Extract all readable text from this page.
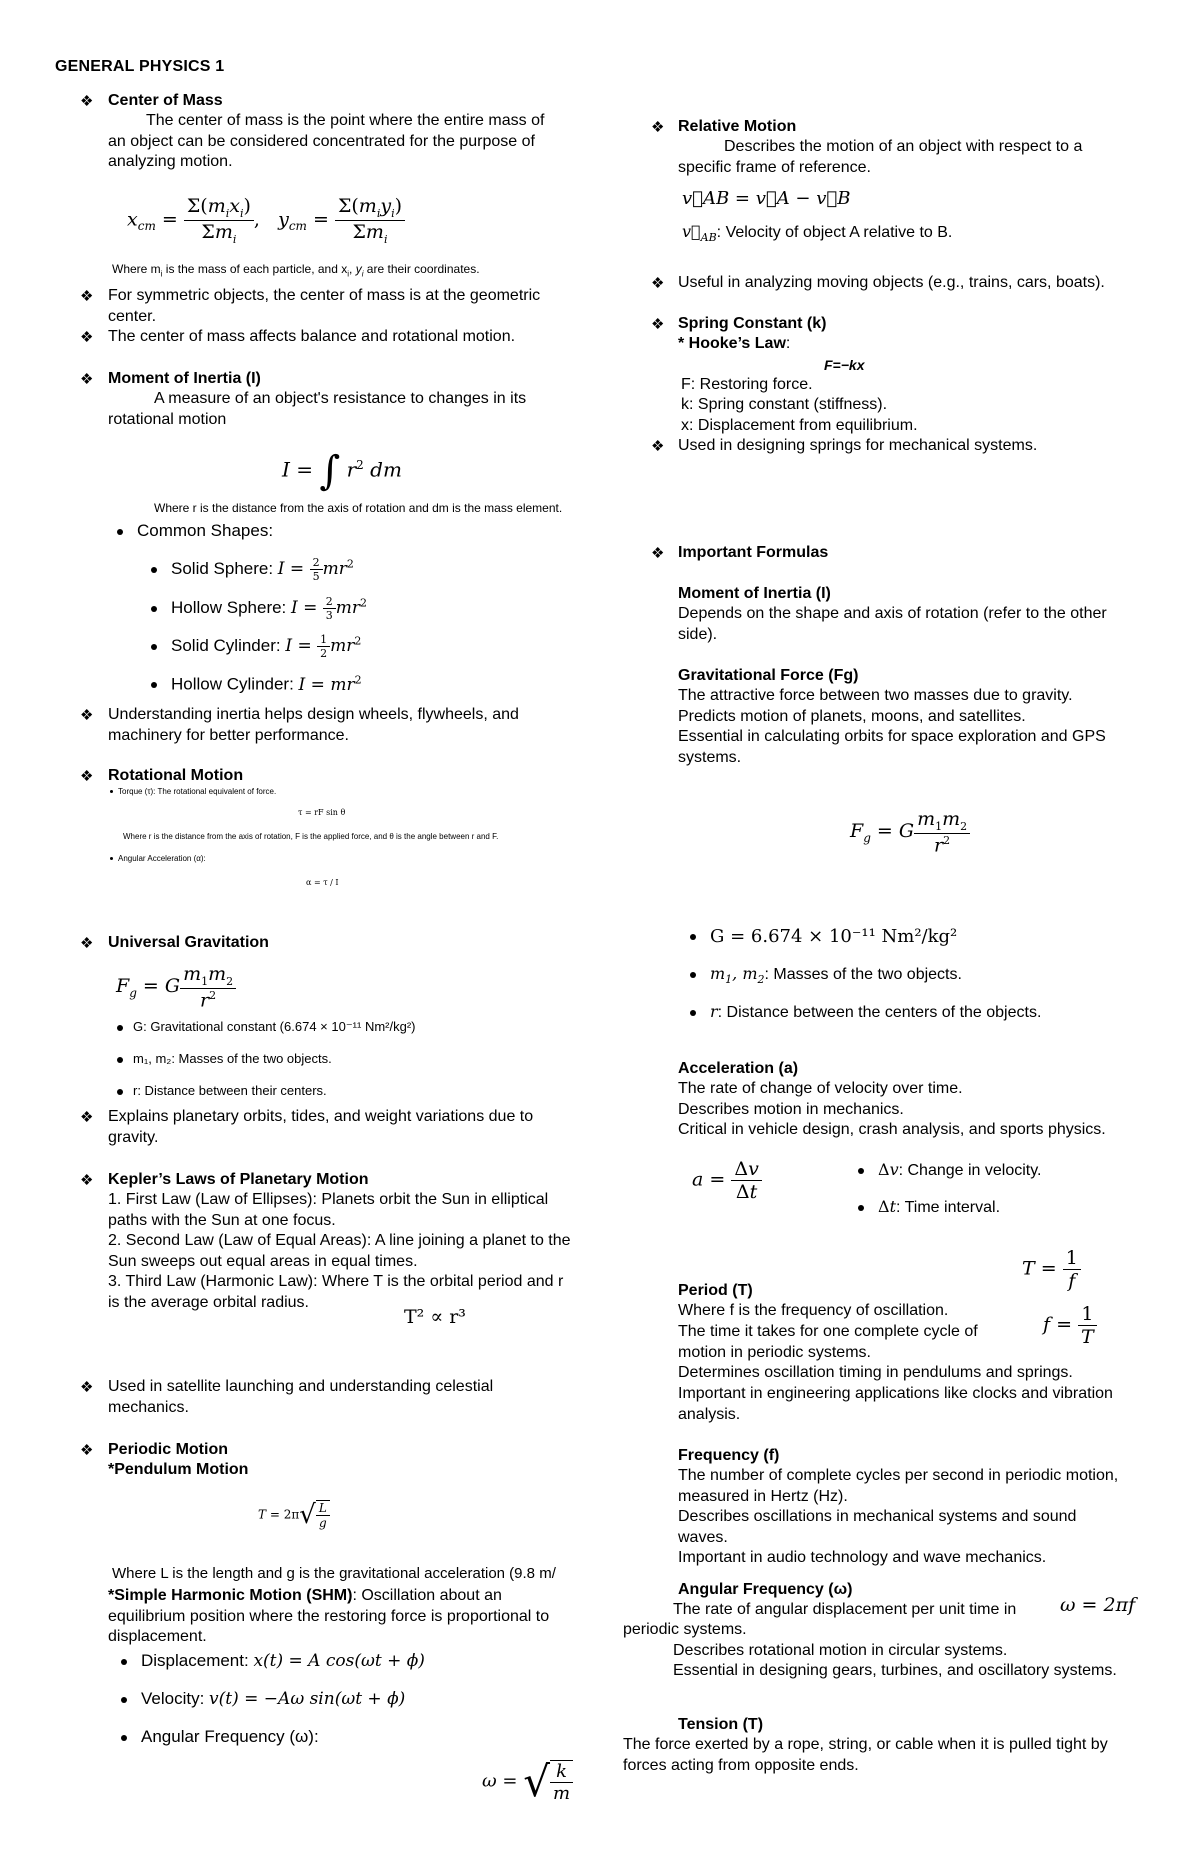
GENERAL PHYSICS 1
❖ Center of Mass
The center of mass is the point where the entire mass of an object can be considered concentrated for the purpose of analyzing motion.
$x_{cm} = \frac{\Sigma(m_ix_i)}{\Sigma m_i}$ ,   $y_{cm} = \frac{\Sigma(m_iy_i)}{\Sigma m_i}$
Where $m_i$ is the mass of each particle, and $x_i$, $y_i$ are their coordinates.
❖ For symmetric objects, the center of mass is at the geometric center.
❖ The center of mass affects balance and rotational motion.
❖ Moment of Inertia (I)
A measure of an object's resistance to changes in its rotational motion
I = ∫ $r^2$ dm
Where r is the distance from the axis of rotation and dm is the mass element.
Common Shapes:
Solid Sphere: $I = \frac{2}{5} mr^2$
Hollow Sphere: $I = \frac{2}{3} mr^2$
Solid Cylinder: $I = \frac{1}{2} mr^2$
Hollow Cylinder: $I = mr^2$
❖ Understanding inertia helps design wheels, flywheels, and machinery for better performance.
❖ Rotational Motion
Torque (τ): The rotational equivalent of force.
τ = rF sin θ
Where r is the distance from the axis of rotation, F is the applied force, and θ is the angle between r and F.
Angular Acceleration (α):
α = τ / I
❖ Universal Gravitation
$F_g = G \frac{m_1m_2}{r^2}$
G: Gravitational constant (6.674 × 10⁻¹¹ Nm²/kg²)
m₁, m₂: Masses of the two objects.
r: Distance between their centers.
❖ Explains planetary orbits, tides, and weight variations due to gravity.
❖ Kepler’s Laws of Planetary Motion
1. First Law (Law of Ellipses): Planets orbit the Sun in elliptical paths with the Sun at one focus.
2. Second Law (Law of Equal Areas): A line joining a planet to the Sun sweeps out equal areas in equal times.
3. Third Law (Harmonic Law): Where T is the orbital period and r is the average orbital radius.
T² ∝ r³
❖ Used in satellite launching and understanding celestial mechanics.
❖ Periodic Motion
*Pendulum Motion
$T = 2\pi√ \frac{L}{g}$
Where L is the length and g is the gravitational acceleration (9.8 m/
*Simple Harmonic Motion (SHM): Oscillation about an equilibrium position where the restoring force is proportional to displacement.
Displacement: x(t) = A cos(ωt + ϕ)
Velocity: v(t) = −Aω sin(ωt + ϕ)
Angular Frequency (ω):
ω = √ $\frac{k}{m}$
❖ Relative Motion
Describes the motion of an object with respect to a specific frame of reference.
v⃗AB = v⃗A − v⃗B
$v⃗_{AB}$: Velocity of object A relative to B.
❖ Useful in analyzing moving objects (e.g., trains, cars, boats).
❖ Spring Constant (k)
* Hooke’s Law:
F=−kx
F: Restoring force.
k: Spring constant (stiffness).
x: Displacement from equilibrium.
❖ Used in designing springs for mechanical systems.
❖ Important Formulas
Moment of Inertia (I)
Depends on the shape and axis of rotation (refer to the other side).
Gravitational Force (Fg)
The attractive force between two masses due to gravity.
Predicts motion of planets, moons, and satellites.
Essential in calculating orbits for space exploration and GPS systems.
$F_g = G \frac{m_1m_2}{r^2}$
G = 6.674 × 10⁻¹¹ Nm²/kg²
$m_1$, $m_2$: Masses of the two objects.
r: Distance between the centers of the objects.
Acceleration (a)
The rate of change of velocity over time.
Describes motion in mechanics.
Critical in vehicle design, crash analysis, and sports physics.
$a = \frac{\Delta v}{\Delta t}$	Δv: Change in velocity.
Δt: Time interval.
$T = \frac{1}{f}$
Period (T)
Where f is the frequency of oscillation.
$f = \frac{1}{T}$
The time it takes for one complete cycle of motion in periodic systems.
Determines oscillation timing in pendulums and springs.
Important in engineering applications like clocks and vibration analysis.
Frequency (f)
The number of complete cycles per second in periodic motion, measured in Hertz (Hz).
Describes oscillations in mechanical systems and sound waves.
Important in audio technology and wave mechanics.
Angular Frequency (ω)
The rate of angular displacement per unit time in ω = 2πf
periodic systems.
Describes rotational motion in circular systems.
Essential in designing gears, turbines, and oscillatory systems.
Tension (T)
The force exerted by a rope, string, or cable when it is pulled tight by forces acting from opposite ends.
